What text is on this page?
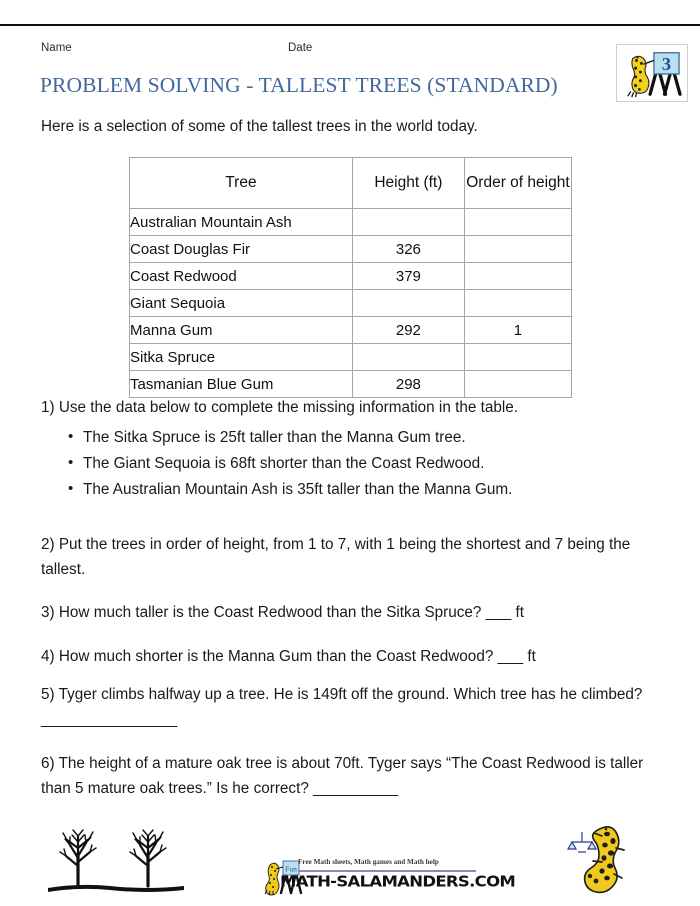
Name	Date
3
PROBLEM SOLVING - TALLEST TREES (STANDARD)
Here is a selection of some of the tallest trees in the world today.
Tree	Height (ft)	Order of height
Australian Mountain Ash		
Coast Douglas Fir	326	
Coast Redwood	379	
Giant Sequoia		
Manna Gum	292	1
Sitka Spruce		
Tasmanian Blue Gum	298	
1) Use the data below to complete the missing information in the table.
• The Sitka Spruce is 25ft taller than the Manna Gum tree.
• The Giant Sequoia is 68ft shorter than the Coast Redwood.
• The Australian Mountain Ash is 35ft taller than the Manna Gum.
2) Put the trees in order of height, from 1 to 7, with 1 being the shortest and 7 being the tallest.
3) How much taller is the Coast Redwood than the Sitka Spruce? ___ ft
4) How much shorter is the Manna Gum than the Coast Redwood? ___ ft
5) Tyger climbs halfway up a tree. He is 149ft off the ground. Which tree has he climbed? ________________
6) The height of a mature oak tree is about 70ft. Tyger says “The Coast Redwood is taller than 5 mature oak trees.” Is he correct? __________
Fun
Free Math sheets, Math games and Math help
MATH-SALAMANDERS.COM
